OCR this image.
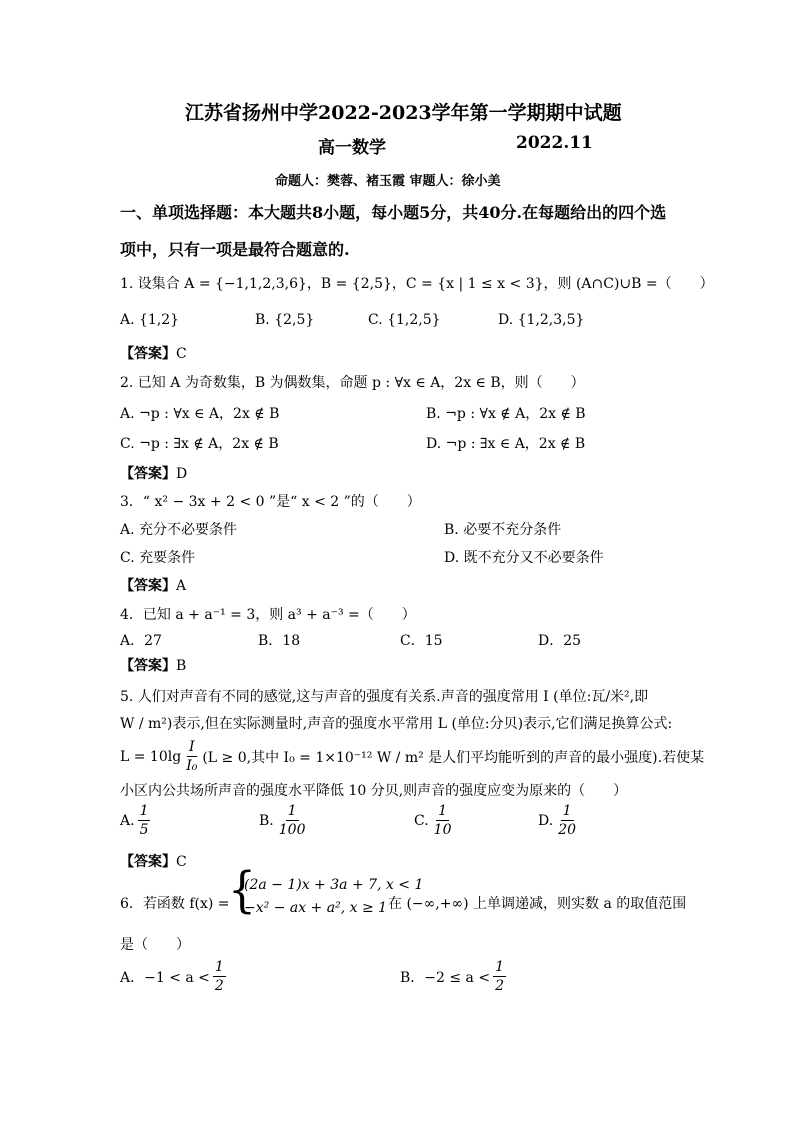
江苏省扬州中学2022-2023学年第一学期期中试题
高一数学	2022.11
命题人：樊蓉、褚玉霞 审题人：徐小美
一、单项选择题：本大题共8小题，每小题5分，共40分.在每题给出的四个选
项中，只有一项是最符合题意的.
1. 设集合 A = {−1,1,2,3,6}，B = {2,5}，C = {x | 1 ≤ x < 3}，则 (A∩C)∪B =（　　）
A. {1,2}	B. {2,5}	C. {1,2,5}	D. {1,2,3,5}
【答案】C
2. 已知 A 为奇数集，B 为偶数集，命题 p : ∀x ∈ A，2x ∈ B，则（　　）
A. ¬p : ∀x ∈ A，2x ∉ B	B. ¬p : ∀x ∉ A，2x ∉ B
C. ¬p : ∃x ∉ A，2x ∉ B	D. ¬p : ∃x ∈ A，2x ∉ B
【答案】D
3．“ x² − 3x + 2 < 0 ”是“ x < 2 ”的（　　）
A. 充分不必要条件	B. 必要不充分条件
C. 充要条件	D. 既不充分又不必要条件
【答案】A
4．已知 a + a⁻¹ = 3，则 a³ + a⁻³ =（　　）
A．27	B．18	C．15	D．25
【答案】B
5. 人们对声音有不同的感觉,这与声音的强度有关系.声音的强度常用 I (单位:瓦/米²,即
W / m²)表示,但在实际测量时,声音的强度水平常用 L (单位:分贝)表示,它们满足换算公式:
$L = 10\lg \frac{I}{\text{I₀}} (L \ge 0$,其中 I₀ = 1×10⁻¹² W / m² 是人们平均能听到的声音的最小强度).若使某
小区内公共场所声音的强度水平降低 10 分贝,则声音的强度应变为原来的（　　）
A. $\frac{1}{5}$	B. $\frac{1}{100}$	C. $\frac{1}{10}$	D. $\frac{1}{20}$
【答案】C
6．若函数 f(x) =
{
(2a − 1)x + 3a + 7, x < 1
−x² − ax + a², x ≥ 1 在 (−∞,+∞) 上单调递减，则实数 a 的取值范围
是（　　）
A．$-1 < a < \frac{1}{2}$	B．$-2 \le a < \frac{1}{2}$
